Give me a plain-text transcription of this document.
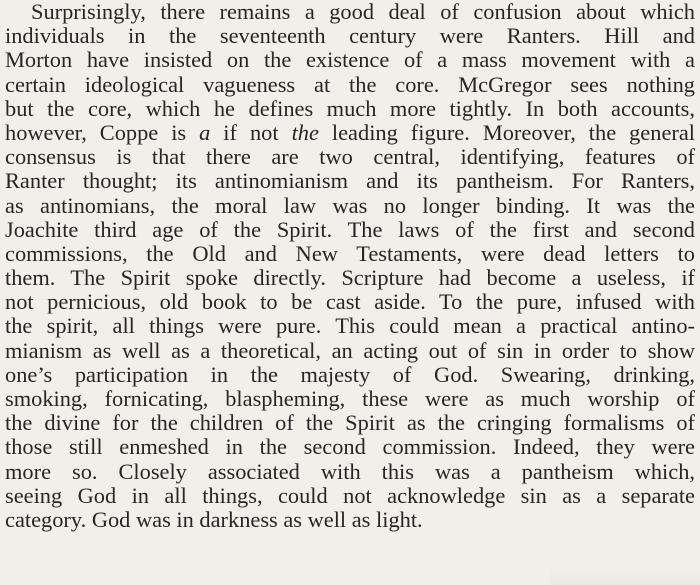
Surprisingly, there remains a good deal of confusion about which
individuals in the seventeenth century were Ranters. Hill and
Morton have insisted on the existence of a mass movement with a
certain ideological vagueness at the core. McGregor sees nothing
but the core, which he defines much more tightly. In both accounts,
however, Coppe is a if not the leading figure. Moreover, the general
consensus is that there are two central, identifying, features of
Ranter thought; its antinomianism and its pantheism. For Ranters,
as antinomians, the moral law was no longer binding. It was the
Joachite third age of the Spirit. The laws of the first and second
commissions, the Old and New Testaments, were dead letters to
them. The Spirit spoke directly. Scripture had become a useless, if
not pernicious, old book to be cast aside. To the pure, infused with
the spirit, all things were pure. This could mean a practical antino-
mianism as well as a theoretical, an acting out of sin in order to show
one’s participation in the majesty of God. Swearing, drinking,
smoking, fornicating, blaspheming, these were as much worship of
the divine for the children of the Spirit as the cringing formalisms of
those still enmeshed in the second commission. Indeed, they were
more so. Closely associated with this was a pantheism which,
seeing God in all things, could not acknowledge sin as a separate
category. God was in darkness as well as light.
